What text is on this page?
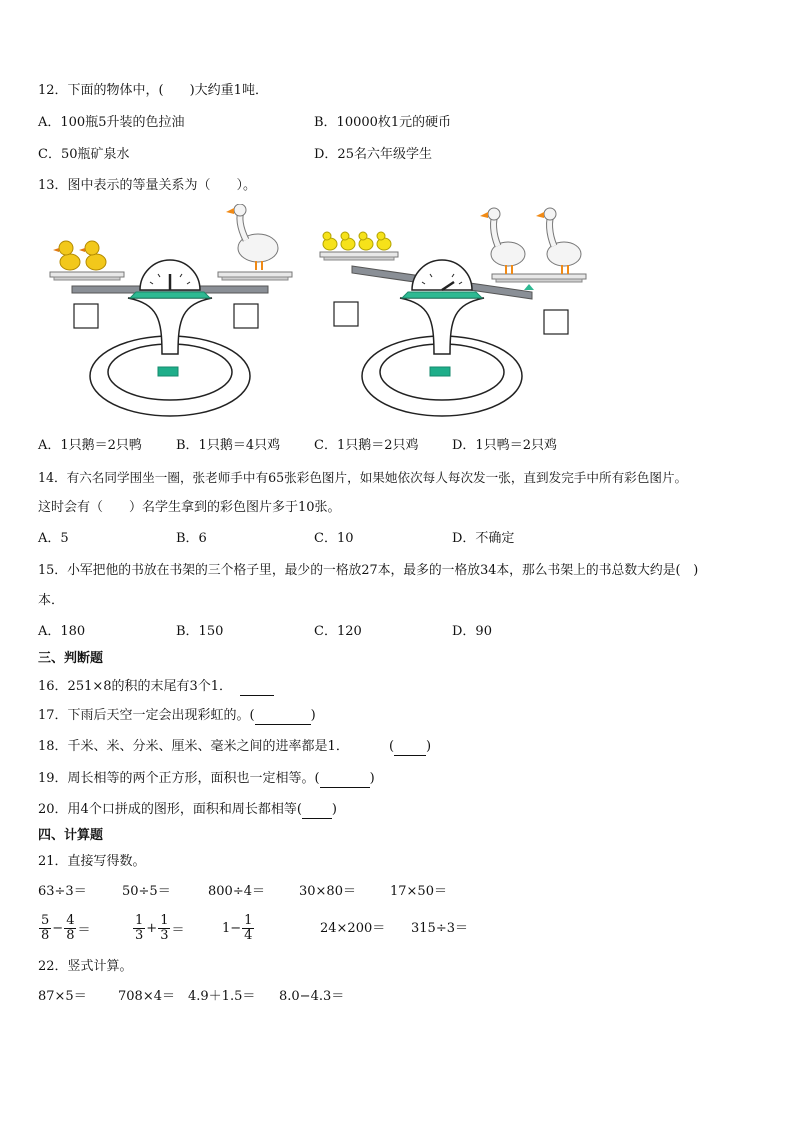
12．下面的物体中，(　　)大约重1吨．
A．100瓶5升装的色拉油	B．10000枚1元的硬币
C．50瓶矿泉水	D．25名六年级学生
13．图中表示的等量关系为（　　）。
A．1只鹅＝2只鸭	B．1只鹅＝4只鸡	C．1只鹅＝2只鸡	D．1只鸭＝2只鸡
14．有六名同学围坐一圈，张老师手中有65张彩色图片，如果她依次每人每次发一张，直到发完手中所有彩色图片。
这时会有（　　）名学生拿到的彩色图片多于10张。
A．5	B．6	C．10	D．不确定
15．小军把他的书放在书架的三个格子里，最少的一格放27本，最多的一格放34本，那么书架上的书总数大约是(　)
本．
A．180	B．150	C．120	D．90
三、判断题
16．251×8的积的末尾有3个1．
17．下雨后天空一定会出现彩虹的。(	)
18．千米、米、分米、厘米、毫米之间的进率都是1．	( )
19．周长相等的两个正方形，面积也一定相等。(	)
20．用4个口拼成的图形，面积和周长都相等( )
四、计算题
21．直接写得数。
63÷3＝	50÷5＝	800÷4＝	30×80＝	17×50＝
$\frac{5}{8} - \frac{4}{8}$ ＝	$\frac{1}{3} + \frac{1}{3}$ ＝	$1- \frac{1}{4}$	24×200＝ 315÷3＝
22．竖式计算。
87×5＝ 708×4＝ 4.9＋1.5＝ 8.0−4.3＝
